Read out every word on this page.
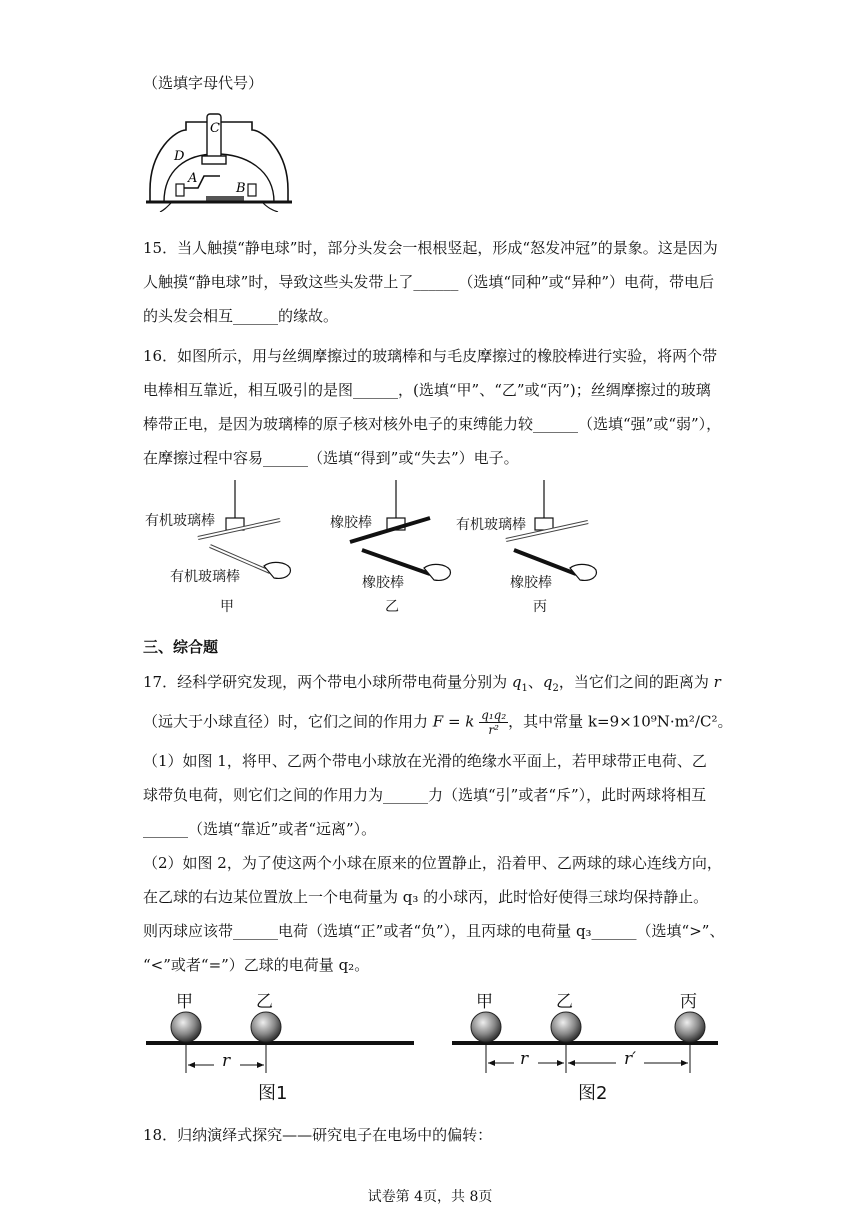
（选填字母代号）
C
D
A
B
15．当人触摸“静电球”时，部分头发会一根根竖起，形成“怒发冲冠”的景象。这是因为
人触摸“静电球”时，导致这些头发带上了______（选填“同种”或“异种”）电荷，带电后
的头发会相互______的缘故。
16．如图所示，用与丝绸摩擦过的玻璃棒和与毛皮摩擦过的橡胶棒进行实验，将两个带
电棒相互靠近，相互吸引的是图______，(选填“甲”、“乙”或“丙”)；丝绸摩擦过的玻璃
棒带正电，是因为玻璃棒的原子核对核外电子的束缚能力较______（选填“强”或“弱”），
在摩擦过程中容易______（选填“得到”或“失去”）电子。
有机玻璃棒
有机玻璃棒
甲
橡胶棒
橡胶棒
乙
有机玻璃棒
橡胶棒
丙
三、综合题
17．经科学研究发现，两个带电小球所带电荷量分别为 $q_1$、$q_2$，当它们之间的距离为 r
（远大于小球直径）时，它们之间的作用力 F = k $\frac{\text{q₁q₂}}{\text{r²}}$ ，其中常量 k=9×10⁹N·m²/C²。
（1）如图 1，将甲、乙两个带电小球放在光滑的绝缘水平面上，若甲球带正电荷、乙
球带负电荷，则它们之间的作用力为______力（选填“引”或者“斥”），此时两球将相互
______（选填“靠近”或者“远离”）。
（2）如图 2，为了使这两个小球在原来的位置静止，沿着甲、乙两球的球心连线方向，
在乙球的右边某位置放上一个电荷量为 q₃ 的小球丙，此时恰好使得三球均保持静止。
则丙球应该带______电荷（选填“正”或者“负”），且丙球的电荷量 q₃______（选填“>”、
“<”或者“=”）乙球的电荷量 q₂。
甲	乙
r
图1
甲	乙	丙
r	r′
图2
18．归纳演绎式探究——研究电子在电场中的偏转：
试卷第 4页，共 8页
